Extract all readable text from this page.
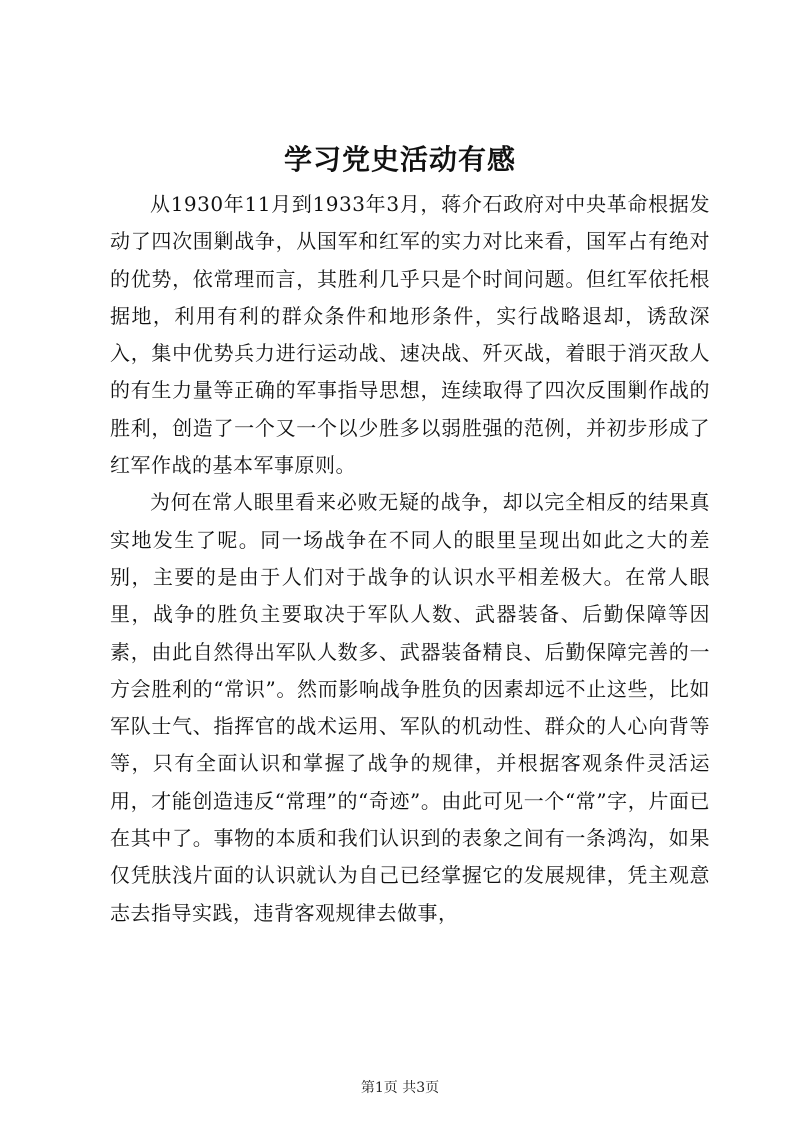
学习党史活动有感

从1930年11月到1933年3月，蒋介石政府对中央革命根据发动了四次围剿战争，从国军和红军的实力对比来看，国军占有绝对的优势，依常理而言，其胜利几乎只是个时间问题。但红军依托根据地，利用有利的群众条件和地形条件，实行战略退却，诱敌深入，集中优势兵力进行运动战、速决战、歼灭战，着眼于消灭敌人的有生力量等正确的军事指导思想，连续取得了四次反围剿作战的胜利，创造了一个又一个以少胜多以弱胜强的范例，并初步形成了红军作战的基本军事原则。

为何在常人眼里看来必败无疑的战争，却以完全相反的结果真实地发生了呢。同一场战争在不同人的眼里呈现出如此之大的差别，主要的是由于人们对于战争的认识水平相差极大。在常人眼里，战争的胜负主要取决于军队人数、武器装备、后勤保障等因素，由此自然得出军队人数多、武器装备精良、后勤保障完善的一方会胜利的“常识”。然而影响战争胜负的因素却远不止这些，比如军队士气、指挥官的战术运用、军队的机动性、群众的人心向背等等，只有全面认识和掌握了战争的规律，并根据客观条件灵活运用，才能创造违反“常理”的“奇迹”。由此可见一个“常”字，片面已在其中了。事物的本质和我们认识到的表象之间有一条鸿沟，如果仅凭肤浅片面的认识就认为自己已经掌握它的发展规律，凭主观意志去指导实践，违背客观规律去做事，

第1页 共3页
